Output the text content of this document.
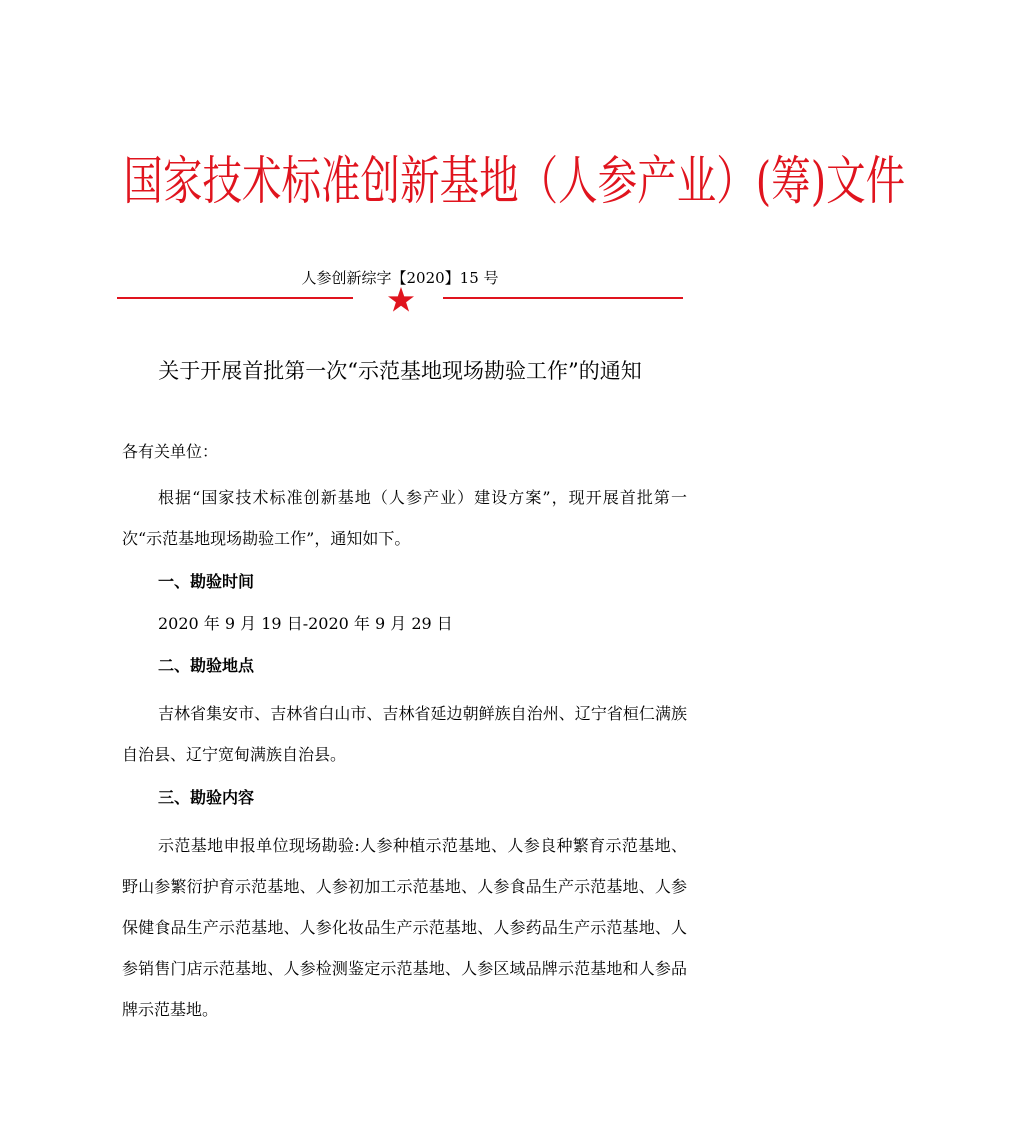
国家技术标准创新基地（人参产业）(筹)文件
人参创新综字【2020】15 号
关于开展首批第一次“示范基地现场勘验工作”的通知

各有关单位：

根据“国家技术标准创新基地（人参产业）建设方案”，现开展首批第一次“示范基地现场勘验工作”，通知如下。

一、勘验时间

2020 年 9 月 19 日-2020 年 9 月 29 日

二、勘验地点

吉林省集安市、吉林省白山市、吉林省延边朝鲜族自治州、辽宁省桓仁满族自治县、辽宁宽甸满族自治县。

三、勘验内容

示范基地申报单位现场勘验:人参种植示范基地、人参良种繁育示范基地、野山参繁衍护育示范基地、人参初加工示范基地、人参食品生产示范基地、人参保健食品生产示范基地、人参化妆品生产示范基地、人参药品生产示范基地、人参销售门店示范基地、人参检测鉴定示范基地、人参区域品牌示范基地和人参品牌示范基地。
